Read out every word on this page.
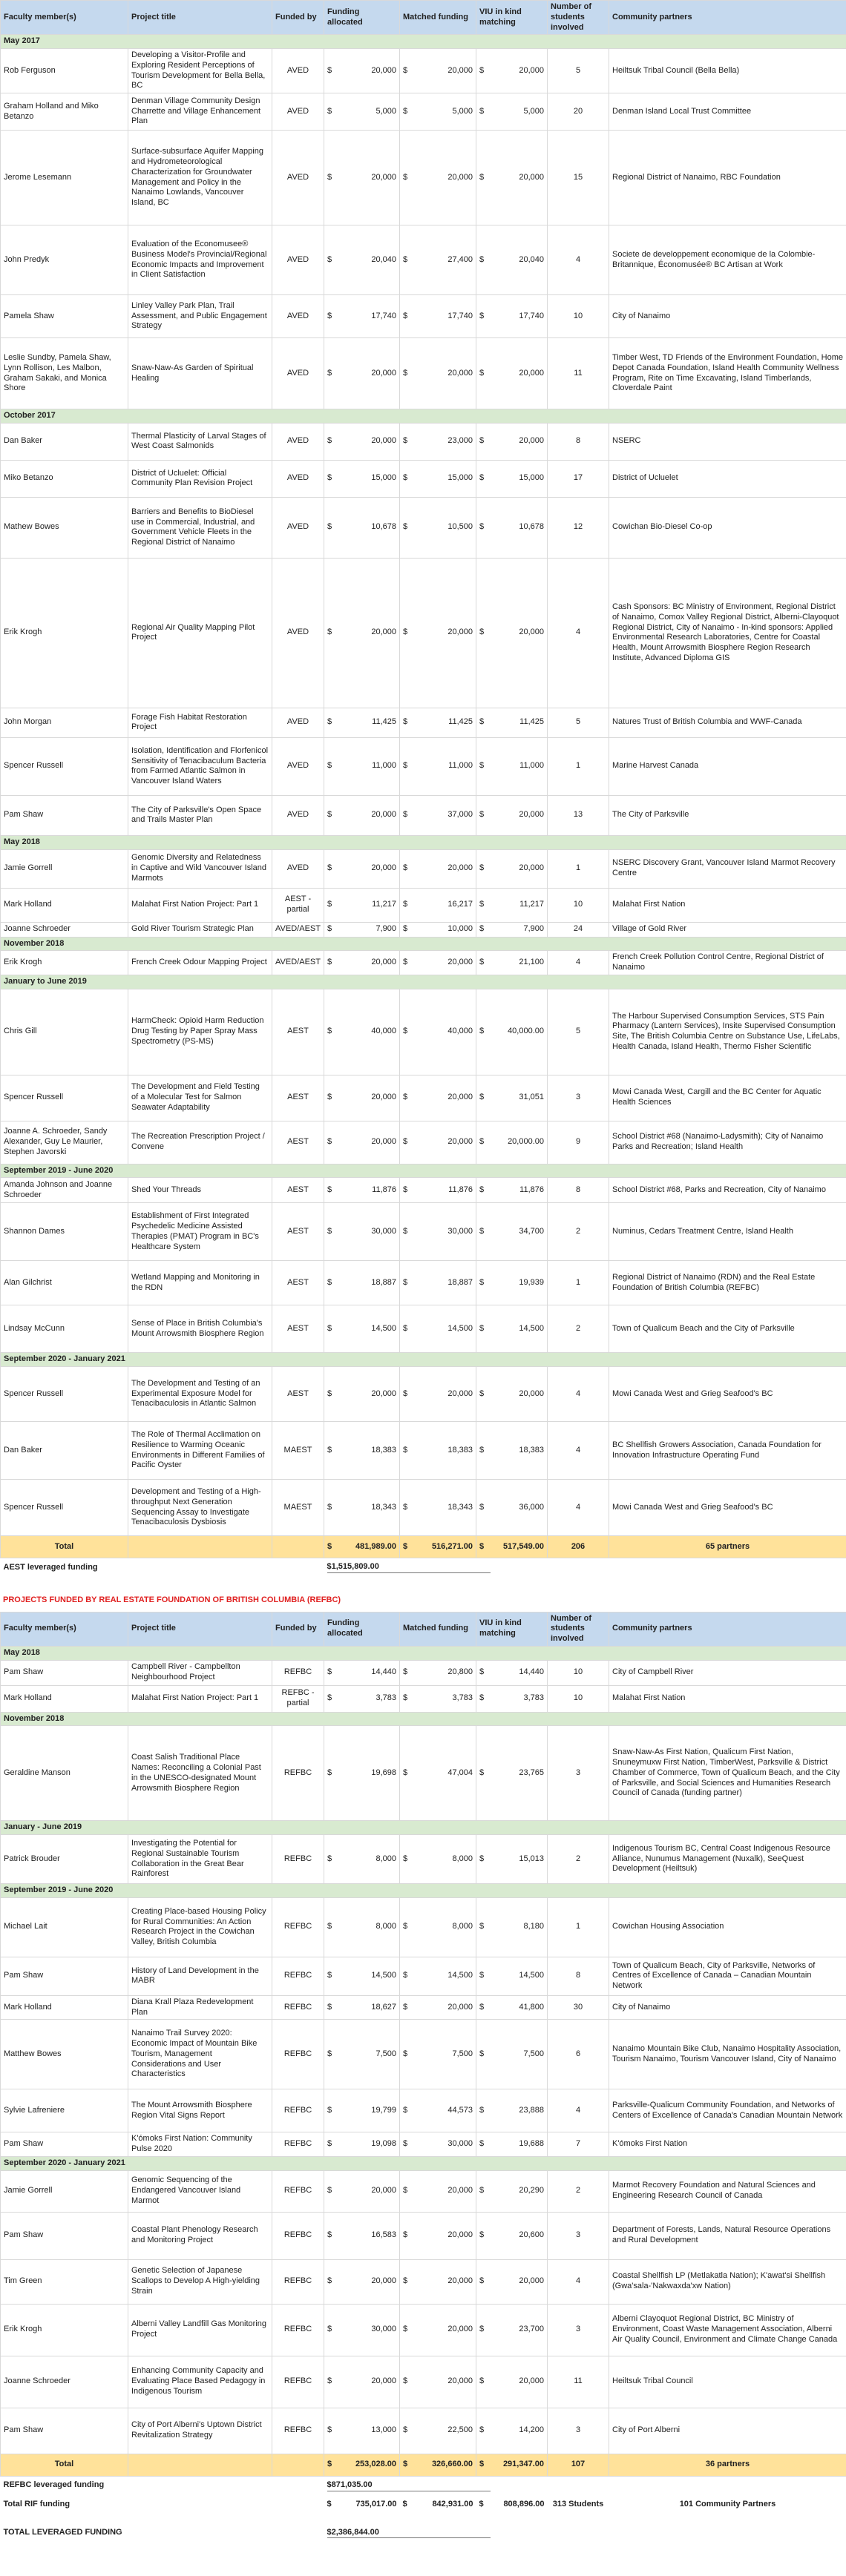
Faculty member(s)	Project title	Funded by	Funding allocated	Matched funding	VIU in kind matching	Number of students involved	Community partners
May 2017							
Rob Ferguson	Developing a Visitor-Profile and Exploring Resident Perceptions of Tourism Development for Bella Bella, BC	AVED	$ 20,000	$ 20,000	$ 20,000	5	Heiltsuk Tribal Council (Bella Bella)
Graham Holland and Miko Betanzo	Denman Village Community Design Charrette and Village Enhancement Plan	AVED	$ 5,000	$ 5,000	$ 5,000	20	Denman Island Local Trust Committee
Jerome Lesemann	Surface-subsurface Aquifer Mapping and Hydrometeorological Characterization for Groundwater Management and Policy in the Nanaimo Lowlands, Vancouver Island, BC	AVED	$ 20,000	$ 20,000	$ 20,000	15	Regional District of Nanaimo, RBC Foundation
John Predyk	Evaluation of the Economusee® Business Model's Provincial/Regional Economic Impacts and Improvement in Client Satisfaction	AVED	$ 20,040	$ 27,400	$ 20,040	4	Societe de developpement economique de la Colombie-Britannique, Économusée® BC Artisan at Work
Pamela Shaw	Linley Valley Park Plan, Trail Assessment, and Public Engagement Strategy	AVED	$ 17,740	$ 17,740	$ 17,740	10	City of Nanaimo
Leslie Sundby, Pamela Shaw, Lynn Rollison, Les Malbon, Graham Sakaki, and Monica Shore	Snaw-Naw-As Garden of Spiritual Healing	AVED	$ 20,000	$ 20,000	$ 20,000	11	Timber West, TD Friends of the Environment Foundation, Home Depot Canada Foundation, Island Health Community Wellness Program, Rite on Time Excavating, Island Timberlands, Cloverdale Paint
October 2017							
Dan Baker	Thermal Plasticity of Larval Stages of West Coast Salmonids	AVED	$ 20,000	$ 23,000	$ 20,000	8	NSERC
Miko Betanzo	District of Ucluelet: Official Community Plan Revision Project	AVED	$ 15,000	$ 15,000	$ 15,000	17	District of Ucluelet
Mathew Bowes	Barriers and Benefits to BioDiesel use in Commercial, Industrial, and Government Vehicle Fleets in the Regional District of Nanaimo	AVED	$ 10,678	$ 10,500	$ 10,678	12	Cowichan Bio-Diesel Co-op
Erik Krogh	Regional Air Quality Mapping Pilot Project	AVED	$ 20,000	$ 20,000	$ 20,000	4	Cash Sponsors: BC Ministry of Environment, Regional District of Nanaimo, Comox Valley Regional District, Alberni-Clayoquot Regional District, City of Nanaimo - In-kind sponsors: Applied Environmental Research Laboratories, Centre for Coastal Health, Mount Arrowsmith Biosphere Region Research Institute, Advanced Diploma GIS
John Morgan	Forage Fish Habitat Restoration Project	AVED	$ 11,425	$ 11,425	$ 11,425	5	Natures Trust of British Columbia and WWF-Canada
Spencer Russell	Isolation, Identification and Florfenicol Sensitivity of Tenacibaculum Bacteria from Farmed Atlantic Salmon in Vancouver Island Waters	AVED	$ 11,000	$ 11,000	$ 11,000	1	Marine Harvest Canada
Pam Shaw	The City of Parksville's Open Space and Trails Master Plan	AVED	$ 20,000	$ 37,000	$ 20,000	13	The City of Parksville
May 2018							
Jamie Gorrell	Genomic Diversity and Relatedness in Captive and Wild Vancouver Island Marmots	AVED	$ 20,000	$ 20,000	$ 20,000	1	NSERC Discovery Grant, Vancouver Island Marmot Recovery Centre
Mark Holland	Malahat First Nation Project: Part 1	AEST - partial	$ 11,217	$ 16,217	$ 11,217	10	Malahat First Nation
Joanne Schroeder	Gold River Tourism Strategic Plan	AVED/AEST	$ 7,900	$ 10,000	$ 7,900	24	Village of Gold River
November 2018							
Erik Krogh	French Creek Odour Mapping Project	AVED/AEST	$ 20,000	$ 20,000	$ 21,100	4	French Creek Pollution Control Centre, Regional District of Nanaimo
January to June 2019							
Chris Gill	HarmCheck: Opioid Harm Reduction Drug Testing by Paper Spray Mass Spectrometry (PS-MS)	AEST	$ 40,000	$ 40,000	$ 40,000.00	5	The Harbour Supervised Consumption Services, STS Pain Pharmacy (Lantern Services), Insite Supervised Consumption Site, The British Columbia Centre on Substance Use, LifeLabs, Health Canada, Island Health, Thermo Fisher Scientific
Spencer Russell	The Development and Field Testing of a Molecular Test for Salmon Seawater Adaptability	AEST	$ 20,000	$ 20,000	$ 31,051	3	Mowi Canada West, Cargill and the BC Center for Aquatic Health Sciences
Joanne A. Schroeder, Sandy Alexander, Guy Le Maurier, Stephen Javorski	The Recreation Prescription Project / Convene	AEST	$ 20,000	$ 20,000	$ 20,000.00	9	School District #68 (Nanaimo-Ladysmith); City of Nanaimo Parks and Recreation; Island Health
September 2019 - June 2020							
Amanda Johnson and Joanne Schroeder	Shed Your Threads	AEST	$ 11,876	$ 11,876	$ 11,876	8	School District #68, Parks and Recreation, City of Nanaimo
Shannon Dames	Establishment of First Integrated Psychedelic Medicine Assisted Therapies (PMAT) Program in BC's Healthcare System	AEST	$ 30,000	$ 30,000	$ 34,700	2	Numinus, Cedars Treatment Centre, Island Health
Alan Gilchrist	Wetland Mapping and Monitoring in the RDN	AEST	$ 18,887	$ 18,887	$ 19,939	1	Regional District of Nanaimo (RDN) and the Real Estate Foundation of British Columbia (REFBC)
Lindsay McCunn	Sense of Place in British Columbia's Mount Arrowsmith Biosphere Region	AEST	$ 14,500	$ 14,500	$ 14,500	2	Town of Qualicum Beach and the City of Parksville
September 2020 - January 2021							
Spencer Russell	The Development and Testing of an Experimental Exposure Model for Tenacibaculosis in Atlantic Salmon	AEST	$ 20,000	$ 20,000	$ 20,000	4	Mowi Canada West and Grieg Seafood's BC
Dan Baker	The Role of Thermal Acclimation on Resilience to Warming Oceanic Environments in Different Families of Pacific Oyster	MAEST	$ 18,383	$ 18,383	$ 18,383	4	BC Shellfish Growers Association, Canada Foundation for Innovation Infrastructure Operating Fund
Spencer Russell	Development and Testing of a High-throughput Next Generation Sequencing Assay to Investigate Tenacibaculosis Dysbiosis	MAEST	$ 18,343	$ 18,343	$ 36,000	4	Mowi Canada West and Grieg Seafood's BC
Total			$ 481,989.00	$ 516,271.00	$ 517,549.00	206	65 partners
AEST leveraged funding			$1,515,809.00				
PROJECTS FUNDED BY REAL ESTATE FOUNDATION OF BRITISH COLUMBIA (REFBC)
Faculty member(s)	Project title	Funded by	Funding allocated	Matched funding	VIU in kind matching	Number of students involved	Community partners
May 2018							
Pam Shaw	Campbell River - Campbellton Neighbourhood Project	REFBC	$ 14,440	$ 20,800	$ 14,440	10	City of Campbell River
Mark Holland	Malahat First Nation Project: Part 1	REFBC - partial	$ 3,783	$ 3,783	$ 3,783	10	Malahat First Nation
November 2018							
Geraldine Manson	Coast Salish Traditional Place Names: Reconciling a Colonial Past in the UNESCO-designated Mount Arrowsmith Biosphere Region	REFBC	$ 19,698	$ 47,004	$ 23,765	3	Snaw-Naw-As First Nation, Qualicum First Nation, Snuneymuxw First Nation, TimberWest, Parksville & District Chamber of Commerce, Town of Qualicum Beach, and the City of Parksville, and Social Sciences and Humanities Research Council of Canada (funding partner)
January - June 2019							
Patrick Brouder	Investigating the Potential for Regional Sustainable Tourism Collaboration in the Great Bear Rainforest	REFBC	$ 8,000	$ 8,000	$ 15,013	2	Indigenous Tourism BC, Central Coast Indigenous Resource Alliance, Nunumus Management (Nuxalk), SeeQuest Development (Heiltsuk)
September 2019 - June 2020							
Michael Lait	Creating Place-based Housing Policy for Rural Communities: An Action Research Project in the Cowichan Valley, British Columbia	REFBC	$ 8,000	$ 8,000	$ 8,180	1	Cowichan Housing Association
Pam Shaw	History of Land Development in the MABR	REFBC	$ 14,500	$ 14,500	$ 14,500	8	Town of Qualicum Beach, City of Parksville, Networks of Centres of Excellence of Canada – Canadian Mountain Network
Mark Holland	Diana Krall Plaza Redevelopment Plan	REFBC	$ 18,627	$ 20,000	$ 41,800	30	City of Nanaimo
Matthew Bowes	Nanaimo Trail Survey 2020: Economic Impact of Mountain Bike Tourism, Management Considerations and User Characteristics	REFBC	$ 7,500	$ 7,500	$ 7,500	6	Nanaimo Mountain Bike Club, Nanaimo Hospitality Association, Tourism Nanaimo, Tourism Vancouver Island, City of Nanaimo
Sylvie Lafreniere	The Mount Arrowsmith Biosphere Region Vital Signs Report	REFBC	$ 19,799	$ 44,573	$ 23,888	4	Parksville-Qualicum Community Foundation, and Networks of Centers of Excellence of Canada's Canadian Mountain Network
Pam Shaw	K'ómoks First Nation: Community Pulse 2020	REFBC	$ 19,098	$ 30,000	$ 19,688	7	K'ómoks First Nation
September 2020 - January 2021							
Jamie Gorrell	Genomic Sequencing of the Endangered Vancouver Island Marmot	REFBC	$ 20,000	$ 20,000	$ 20,290	2	Marmot Recovery Foundation and Natural Sciences and Engineering Research Council of Canada
Pam Shaw	Coastal Plant Phenology Research and Monitoring Project	REFBC	$ 16,583	$ 20,000	$ 20,600	3	Department of Forests, Lands, Natural Resource Operations and Rural Development
Tim Green	Genetic Selection of Japanese Scallops to Develop A High-yielding Strain	REFBC	$ 20,000	$ 20,000	$ 20,000	4	Coastal Shellfish LP (Metlakatla Nation); K'awat'si Shellfish (Gwa'sala-'Nakwaxda'xw Nation)
Erik Krogh	Alberni Valley Landfill Gas Monitoring Project	REFBC	$ 30,000	$ 20,000	$ 23,700	3	Alberni Clayoquot Regional District, BC Ministry of Environment, Coast Waste Management Association, Alberni Air Quality Council, Environment and Climate Change Canada
Joanne Schroeder	Enhancing Community Capacity and Evaluating Place Based Pedagogy in Indigenous Tourism	REFBC	$ 20,000	$ 20,000	$ 20,000	11	Heiltsuk Tribal Council
Pam Shaw	City of Port Alberni's Uptown District Revitalization Strategy	REFBC	$ 13,000	$ 22,500	$ 14,200	3	City of Port Alberni
Total			$ 253,028.00	$ 326,660.00	$ 291,347.00	107	36 partners
REFBC leveraged funding			$871,035.00				
Total RIF funding			$ 735,017.00	$ 842,931.00	$ 808,896.00	313 Students	101 Community Partners

TOTAL LEVERAGED FUNDING			$2,386,844.00				
